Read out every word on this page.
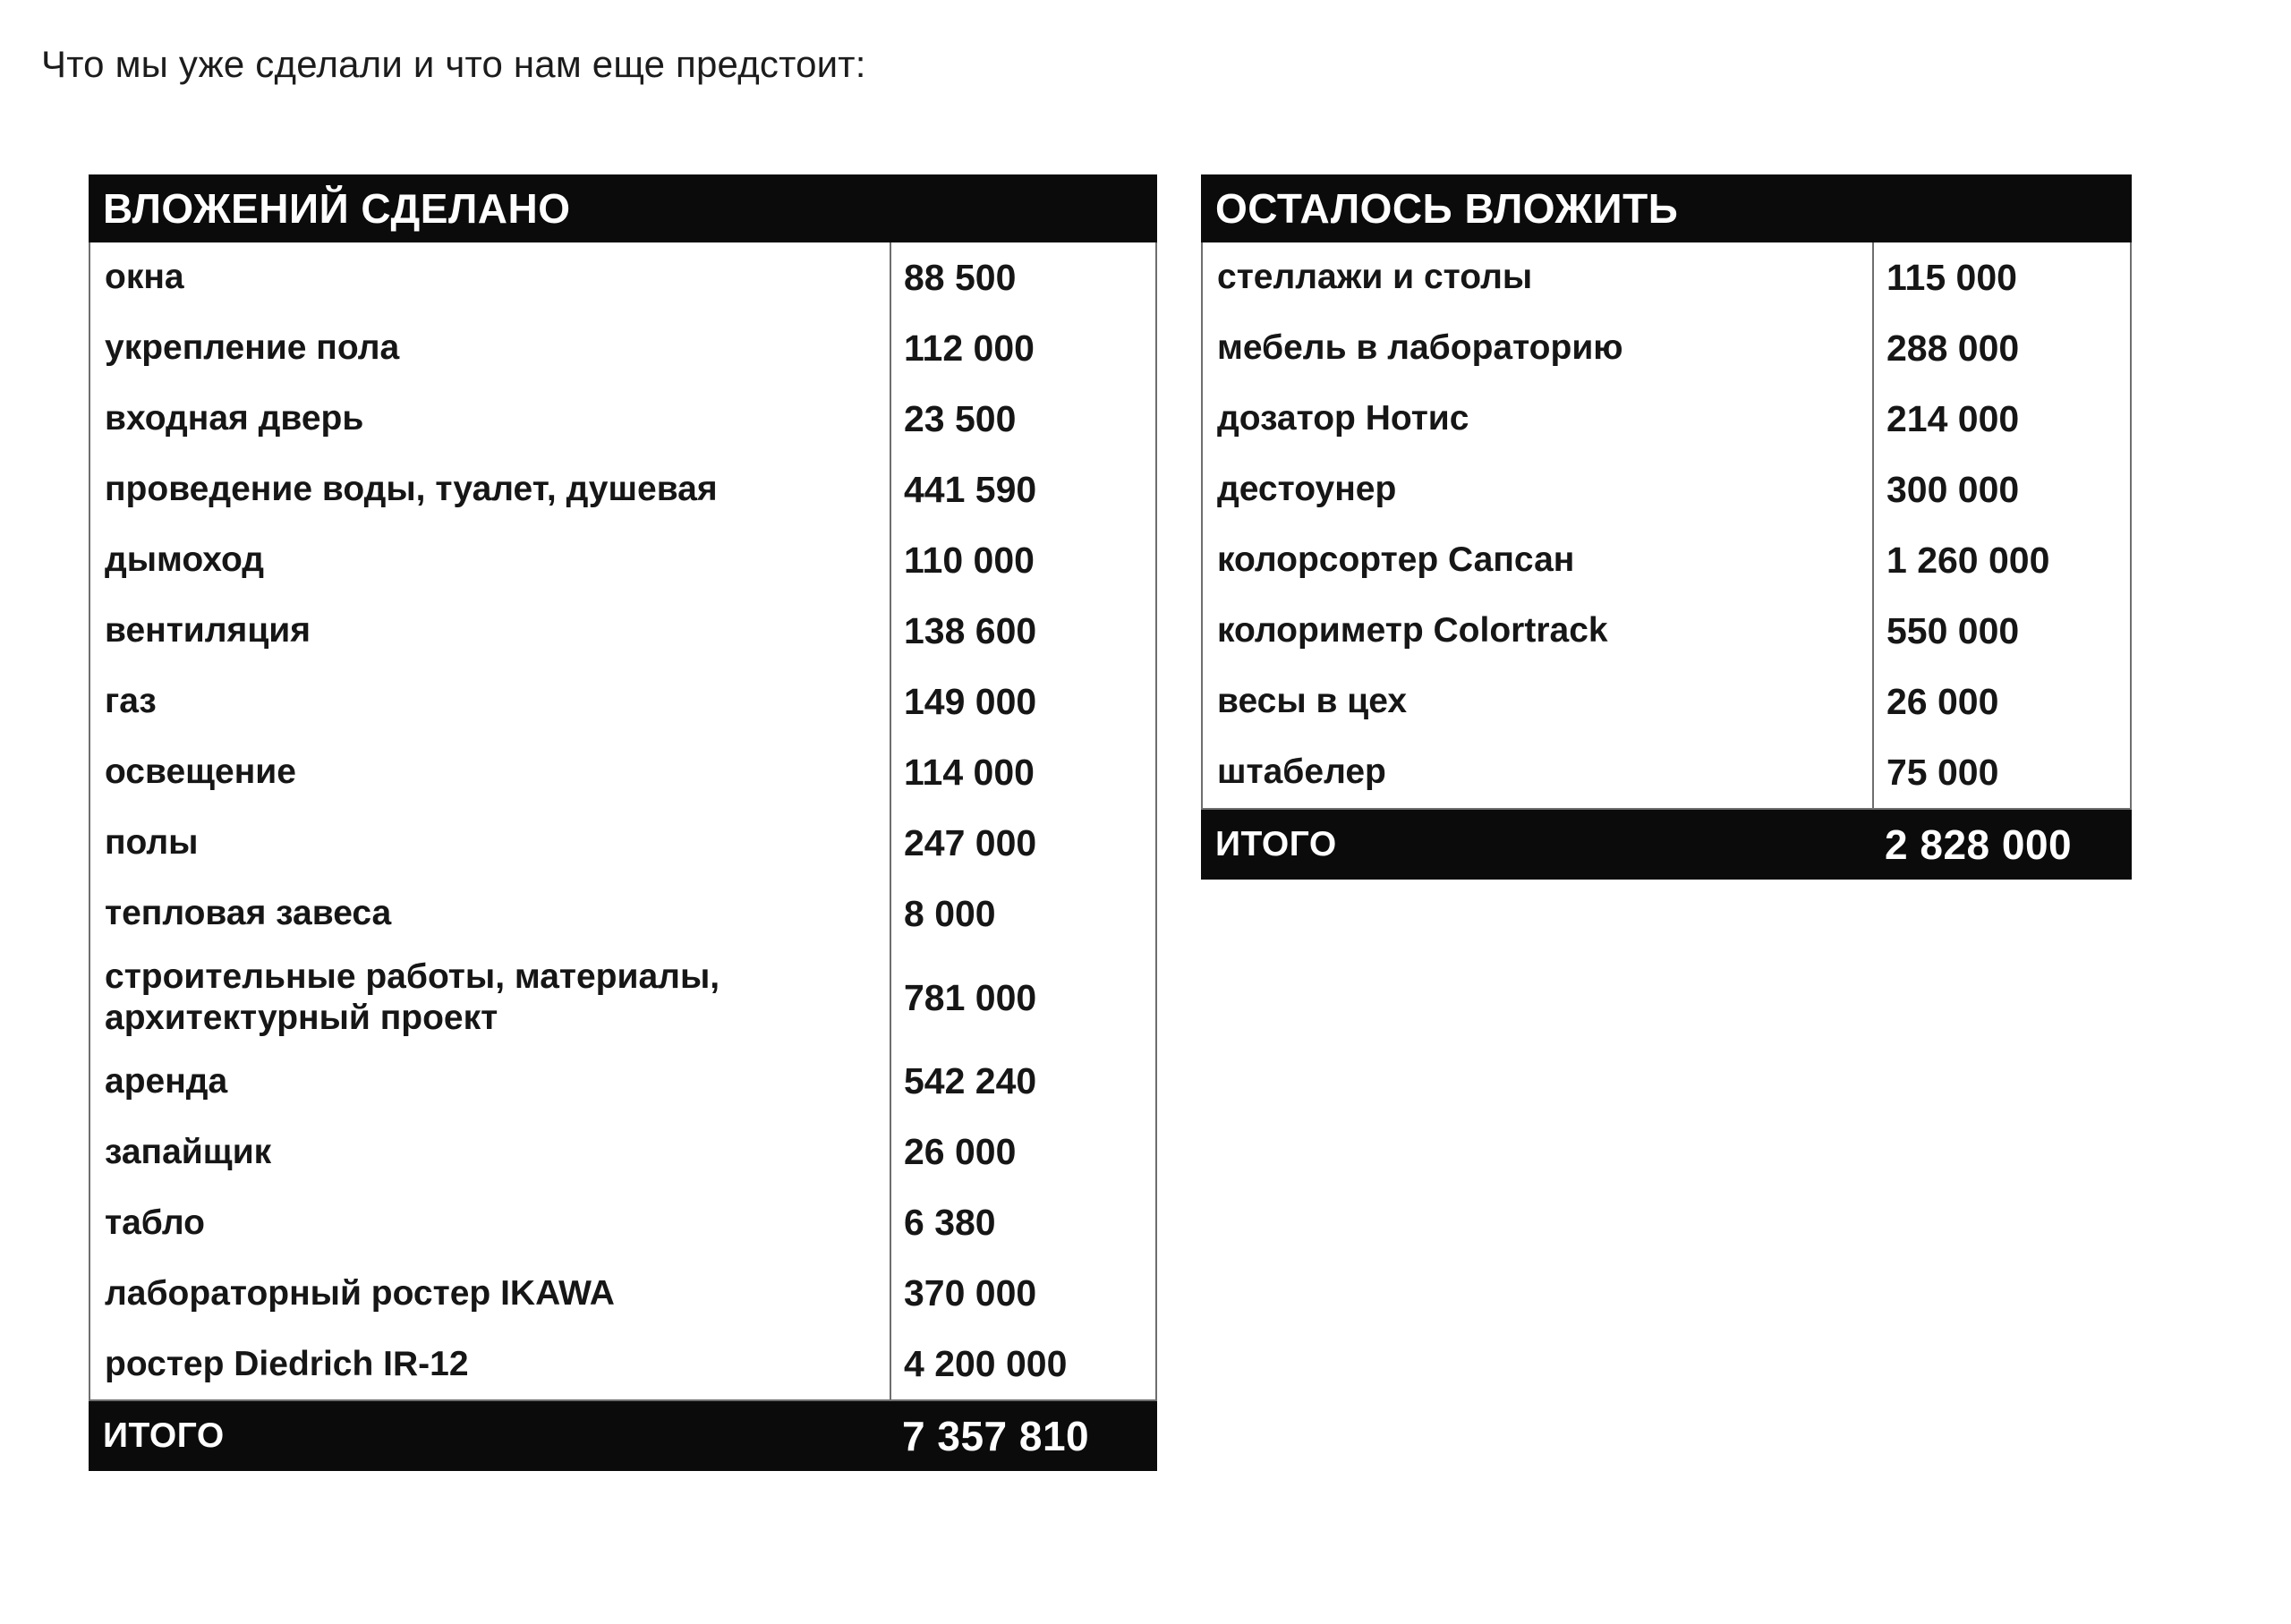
Что мы уже сделали и что нам еще предстоит:
ВЛОЖЕНИЙ СДЕЛАНО
окна	88 500
укрепление пола	112 000
входная дверь	23 500
проведение воды, туалет, душевая	441 590
дымоход	110 000
вентиляция	138 600
газ	149 000
освещение	114 000
полы	247 000
тепловая завеса	8 000
строительные работы, материалы, архитектурный проект	781 000
аренда	542 240
запайщик	26 000
табло	6 380
лабораторный ростер IKAWA	370 000
ростер Diedrich IR-12	4 200 000
ИТОГО	7 357 810
ОСТАЛОСЬ ВЛОЖИТЬ
стеллажи и столы	115 000
мебель в лабораторию	288 000
дозатор Нотис	214 000
дестоунер	300 000
колорсортер Сапсан	1 260 000
колориметр Colortrack	550 000
весы в цех	26 000
штабелер	75 000
ИТОГО	2 828 000
